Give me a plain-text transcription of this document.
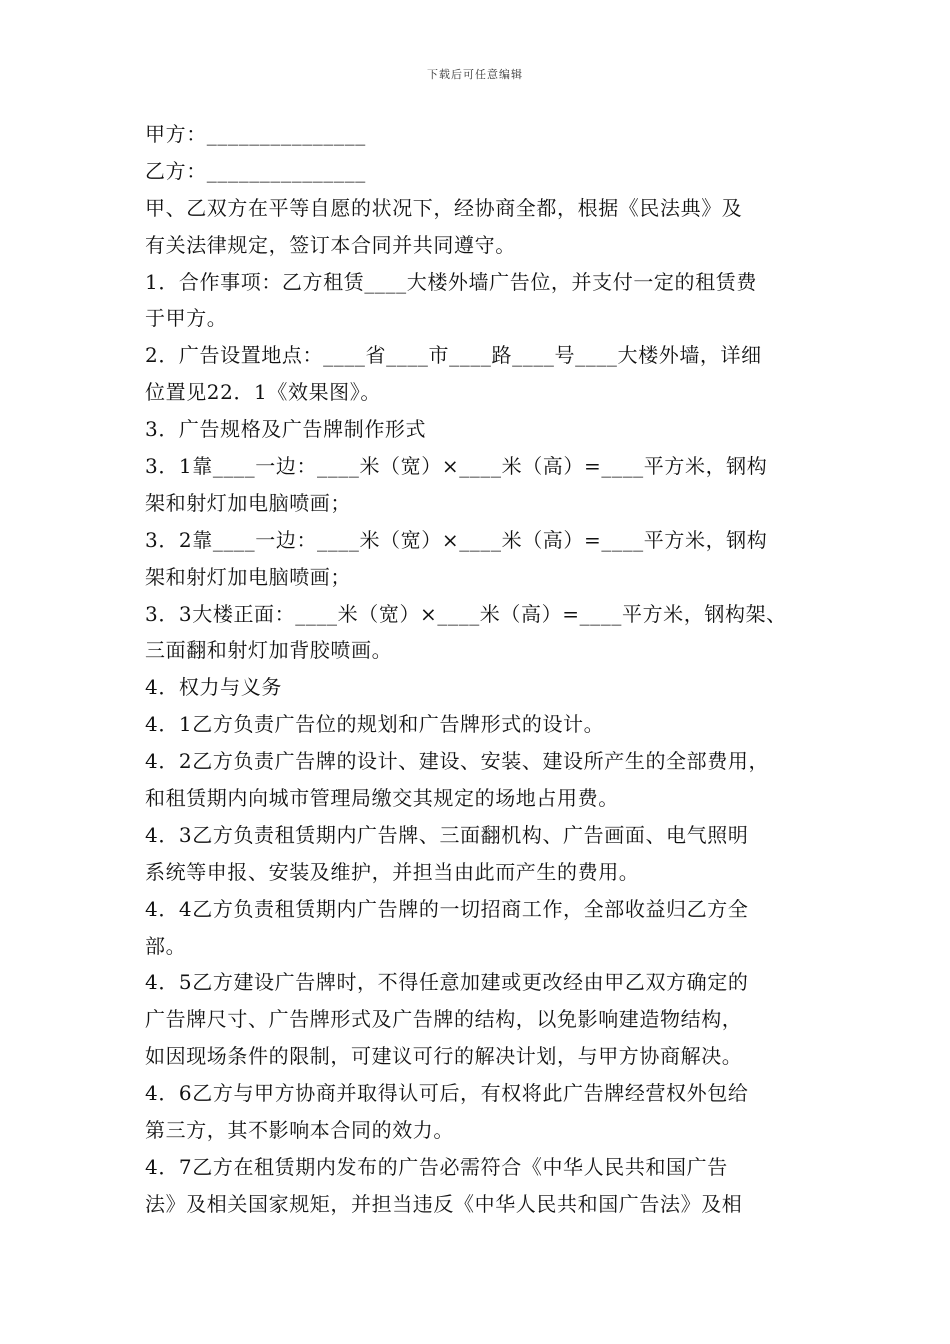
下载后可任意编辑
甲方：_______________
乙方：_______________
甲、乙双方在平等自愿的状况下，经协商全都，根据《民法典》及
有关法律规定，签订本合同并共同遵守。
1．合作事项：乙方租赁____大楼外墙广告位，并支付一定的租赁费
于甲方。
2．广告设置地点：____省____市____路____号____大楼外墙，详细
位置见22．1《效果图》。
3．广告规格及广告牌制作形式
3．1靠____一边：____米（宽）×____米（高）=____平方米，钢构
架和射灯加电脑喷画；
3．2靠____一边：____米（宽）×____米（高）=____平方米，钢构
架和射灯加电脑喷画；
3．3大楼正面：____米（宽）×____米（高）=____平方米，钢构架、
三面翻和射灯加背胶喷画。
4．权力与义务
4．1乙方负责广告位的规划和广告牌形式的设计。
4．2乙方负责广告牌的设计、建设、安装、建设所产生的全部费用，
和租赁期内向城市管理局缴交其规定的场地占用费。
4．3乙方负责租赁期内广告牌、三面翻机构、广告画面、电气照明
系统等申报、安装及维护，并担当由此而产生的费用。
4．4乙方负责租赁期内广告牌的一切招商工作，全部收益归乙方全
部。
4．5乙方建设广告牌时，不得任意加建或更改经由甲乙双方确定的
广告牌尺寸、广告牌形式及广告牌的结构，以免影响建造物结构，
如因现场条件的限制，可建议可行的解决计划，与甲方协商解决。
4．6乙方与甲方协商并取得认可后，有权将此广告牌经营权外包给
第三方，其不影响本合同的效力。
4．7乙方在租赁期内发布的广告必需符合《中华人民共和国广告
法》及相关国家规矩，并担当违反《中华人民共和国广告法》及相
